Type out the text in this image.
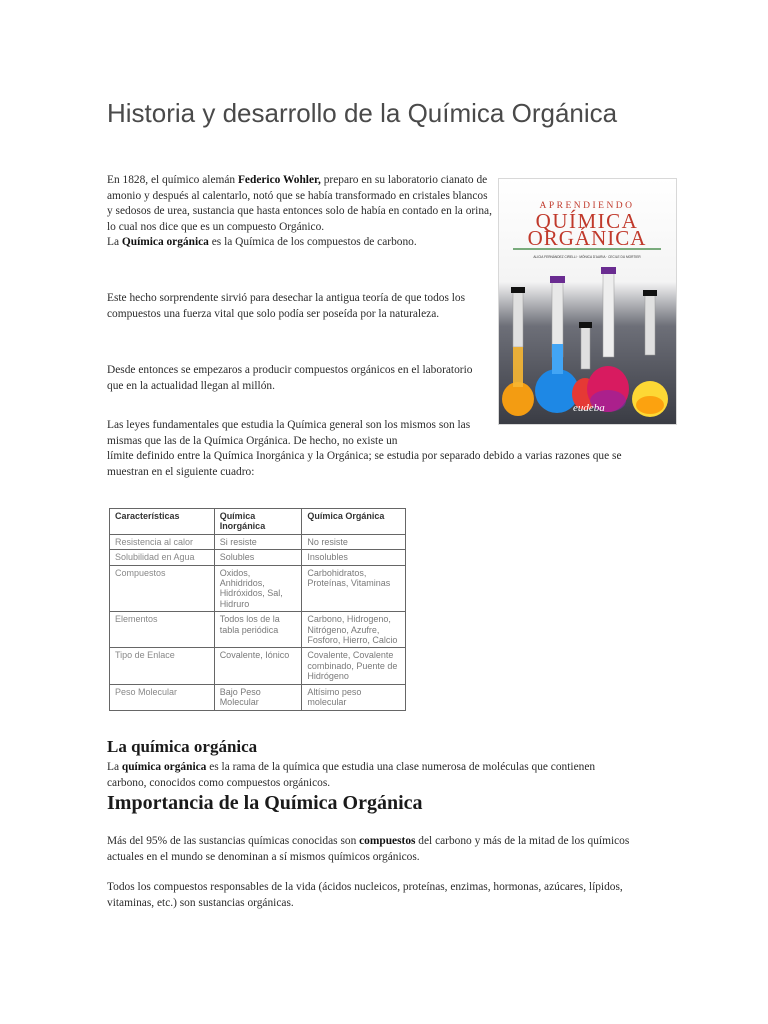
Historia y desarrollo de la Química Orgánica

En 1828, el químico alemán Federico Wohler, preparo en su laboratorio cianato de amonio y después al calentarlo, notó que se había transformado en cristales blancos y sedosos de urea, sustancia que hasta entonces solo de había en contado en la orina, lo cual nos dice que es un compuesto Orgánico.
La Química orgánica es la Química de los compuestos de carbono.

Este hecho sorprendente sirvió para desechar la antigua teoría de que todos los compuestos una fuerza vital que solo podía ser poseída por la naturaleza.

Desde entonces se empezaros a producir compuestos orgánicos en el laboratorio que en la actualidad llegan al millón.

Las leyes fundamentales que estudia la Química general son los mismos son las mismas que las de la Química Orgánica. De hecho, no existe un
límite definido entre la Química Inorgánica y la Orgánica; se estudia por separado debido a varias razones que se muestran en el siguiente cuadro:

APRENDIENDO
QUÍMICA
ORGÁNICA
ALICIA FERNÁNDEZ CIRELLI · MÓNICA D'AURIA · CECILE DU MORTIER
eudeba
Características	Química Inorgánica	Química Orgánica
Resistencia al calor	Si resiste	No resiste
Solubilidad en Agua	Solubles	Insolubles
Compuestos	Oxidos, Anhidridos, Hidróxidos, Sal, Hidruro	Carbohidratos, Proteínas, Vitaminas
Elementos	Todos los de la tabla periódica	Carbono, Hidrogeno, Nitrógeno, Azufre, Fosforo, Hierro, Calcio
Tipo de Enlace	Covalente, Iónico	Covalente, Covalente combinado, Puente de Hidrógeno
Peso Molecular	Bajo Peso Molecular	Altísimo peso molecular
La química orgánica

La química orgánica es la rama de la química que estudia una clase numerosa de moléculas que contienen carbono, conocidos como compuestos orgánicos.

Importancia de la Química Orgánica

Más del 95% de las sustancias químicas conocidas son compuestos del carbono y más de la mitad de los químicos actuales en el mundo se denominan a sí mismos químicos orgánicos.

Todos los compuestos responsables de la vida (ácidos nucleicos, proteínas, enzimas, hormonas, azúcares, lípidos, vitaminas, etc.) son sustancias orgánicas.
